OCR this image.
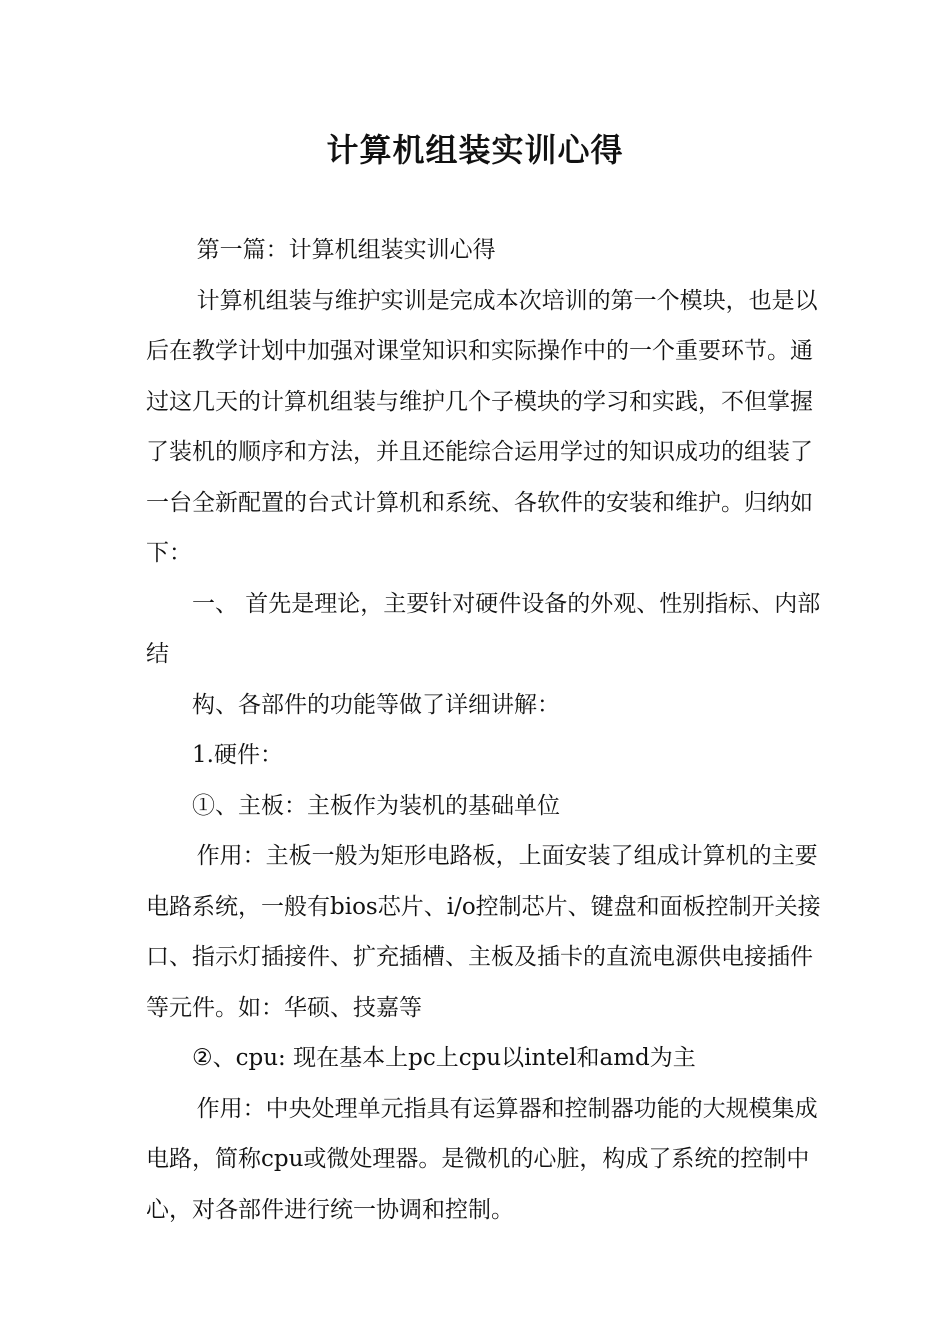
计算机组装实训心得

第一篇：计算机组装实训心得

计算机组装与维护实训是完成本次培训的第一个模块，也是以后在教学计划中加强对课堂知识和实际操作中的一个重要环节。通过这几天的计算机组装与维护几个子模块的学习和实践，不但掌握了装机的顺序和方法，并且还能综合运用学过的知识成功的组装了一台全新配置的台式计算机和系统、各软件的安装和维护。归纳如下：

一、 首先是理论，主要针对硬件设备的外观、性别指标、内部结

构、各部件的功能等做了详细讲解：

1.硬件：

①、主板：主板作为装机的基础单位

作用：主板一般为矩形电路板，上面安装了组成计算机的主要电路系统，一般有bios芯片、i/o控制芯片、键盘和面板控制开关接口、指示灯插接件、扩充插槽、主板及插卡的直流电源供电接插件等元件。如：华硕、技嘉等

②、cpu: 现在基本上pc上cpu以intel和amd为主

作用：中央处理单元指具有运算器和控制器功能的大规模集成电路，简称cpu或微处理器。是微机的心脏，构成了系统的控制中心，对各部件进行统一协调和控制。
